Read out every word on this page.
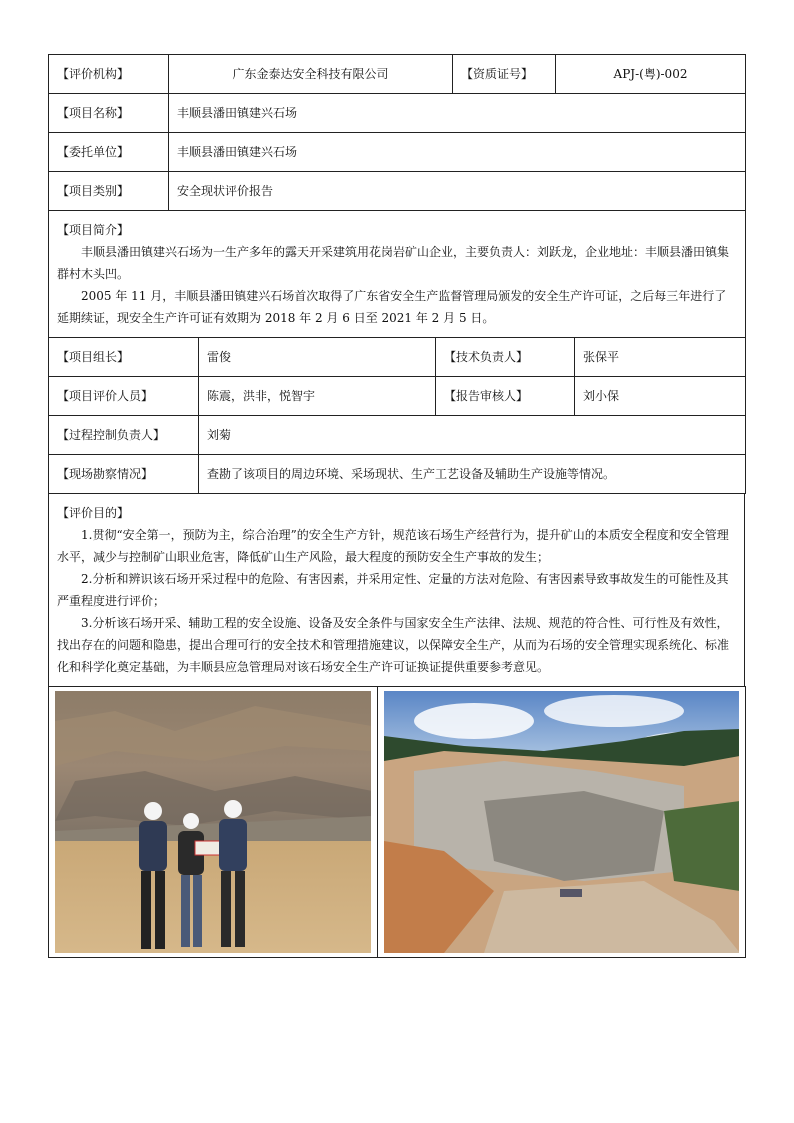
【评价机构】	广东金泰达安全科技有限公司	【资质证号】	APJ-(粤)-002
【项目名称】	丰顺县潘田镇建兴石场
【委托单位】	丰顺县潘田镇建兴石场
【项目类别】	安全现状评价报告

【项目简介】

丰顺县潘田镇建兴石场为一生产多年的露天开采建筑用花岗岩矿山企业，主要负责人：刘跃龙，企业地址：丰顺县潘田镇集群村木头凹。

2005 年 11 月，丰顺县潘田镇建兴石场首次取得了广东省安全生产监督管理局颁发的安全生产许可证，之后每三年进行了延期续证，现安全生产许可证有效期为 2018 年 2 月 6 日至 2021 年 2 月 5 日。	

【项目组长】	雷俊	【技术负责人】	张保平
【项目评价人员】	陈震，洪非，悦智宇	【报告审核人】	刘小保
【过程控制负责人】	刘菊		
【现场勘察情况】	查勘了该项目的周边环境、采场现状、生产工艺设备及辅助生产设施等情况。		
【评价目的】

1.贯彻“安全第一，预防为主，综合治理”的安全生产方针，规范该石场生产经营行为，提升矿山的本质安全程度和安全管理水平，减少与控制矿山职业危害，降低矿山生产风险，最大程度的预防安全生产事故的发生；

2.分析和辨识该石场开采过程中的危险、有害因素，并采用定性、定量的方法对危险、有害因素导致事故发生的可能性及其严重程度进行评价；

3.分析该石场开采、辅助工程的安全设施、设备及安全条件与国家安全生产法律、法规、规范的符合性、可行性及有效性，找出存在的问题和隐患，提出合理可行的安全技术和管理措施建议，以保障安全生产，从而为石场的安全管理实现系统化、标准化和科学化奠定基础，为丰顺县应急管理局对该石场安全生产许可证换证提供重要参考意见。
